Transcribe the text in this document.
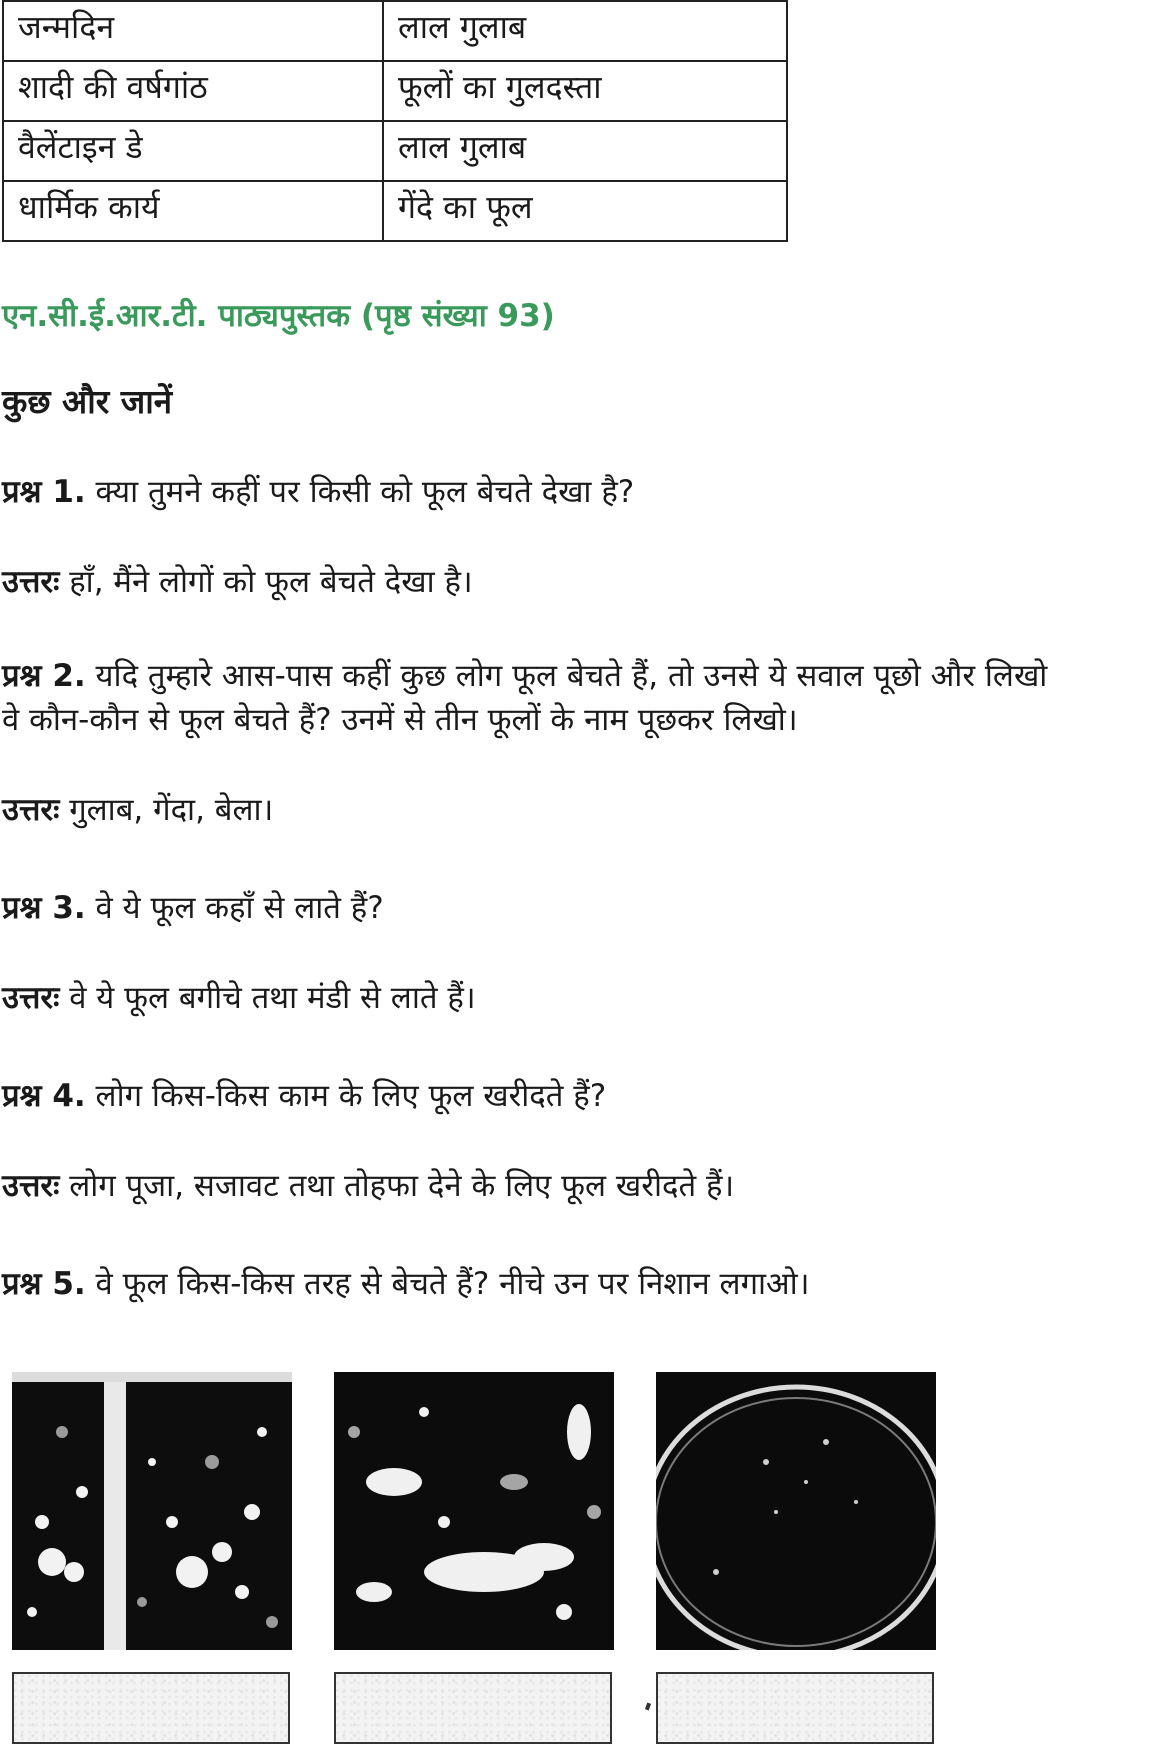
जन्मदिन	लाल गुलाब
शादी की वर्षगांठ	फूलों का गुलदस्ता
वैलेंटाइन डे	लाल गुलाब
धार्मिक कार्य	गेंदे का फूल
एन.सी.ई.आर.टी. पाठ्यपुस्तक (पृष्ठ संख्या 93)
कुछ और जानें
प्रश्न 1. क्या तुमने कहीं पर किसी को फूल बेचते देखा है?
उत्तरः हाँ, मैंने लोगों को फूल बेचते देखा है।
प्रश्न 2. यदि तुम्हारे आस-पास कहीं कुछ लोग फूल बेचते हैं, तो उनसे ये सवाल पूछो और लिखो
वे कौन-कौन से फूल बेचते हैं? उनमें से तीन फूलों के नाम पूछकर लिखो।
उत्तरः गुलाब, गेंदा, बेला।
प्रश्न 3. वे ये फूल कहाँ से लाते हैं?
उत्तरः वे ये फूल बगीचे तथा मंडी से लाते हैं।
प्रश्न 4. लोग किस-किस काम के लिए फूल खरीदते हैं?
उत्तरः लोग पूजा, सजावट तथा तोहफा देने के लिए फूल खरीदते हैं।
प्रश्न 5. वे फूल किस-किस तरह से बेचते हैं? नीचे उन पर निशान लगाओ।
